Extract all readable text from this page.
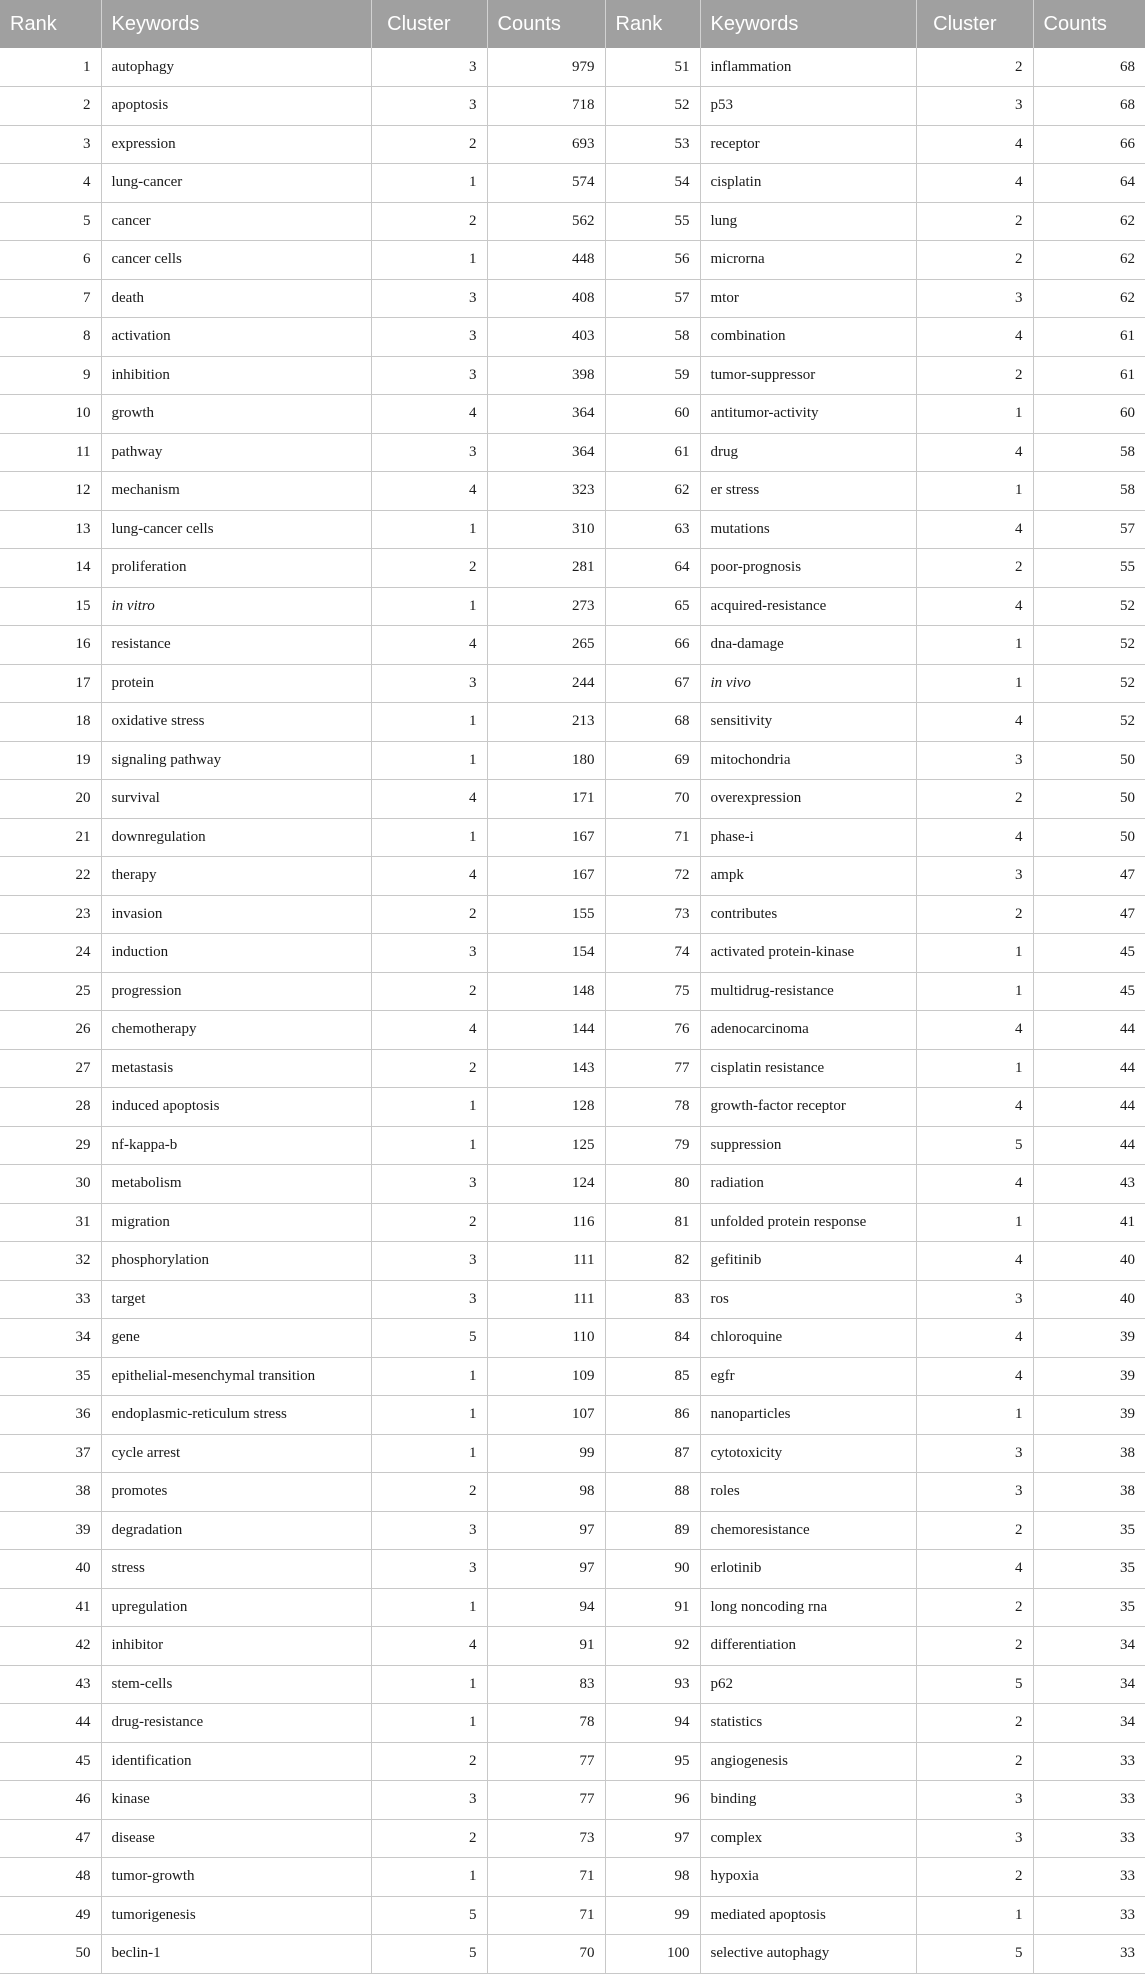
Rank	Keywords	Cluster	Counts	Rank	Keywords	Cluster	Counts
1	autophagy	3	979	51	inflammation	2	68
2	apoptosis	3	718	52	p53	3	68
3	expression	2	693	53	receptor	4	66
4	lung-cancer	1	574	54	cisplatin	4	64
5	cancer	2	562	55	lung	2	62
6	cancer cells	1	448	56	microrna	2	62
7	death	3	408	57	mtor	3	62
8	activation	3	403	58	combination	4	61
9	inhibition	3	398	59	tumor-suppressor	2	61
10	growth	4	364	60	antitumor-activity	1	60
11	pathway	3	364	61	drug	4	58
12	mechanism	4	323	62	er stress	1	58
13	lung-cancer cells	1	310	63	mutations	4	57
14	proliferation	2	281	64	poor-prognosis	2	55
15	in vitro	1	273	65	acquired-resistance	4	52
16	resistance	4	265	66	dna-damage	1	52
17	protein	3	244	67	in vivo	1	52
18	oxidative stress	1	213	68	sensitivity	4	52
19	signaling pathway	1	180	69	mitochondria	3	50
20	survival	4	171	70	overexpression	2	50
21	downregulation	1	167	71	phase-i	4	50
22	therapy	4	167	72	ampk	3	47
23	invasion	2	155	73	contributes	2	47
24	induction	3	154	74	activated protein-kinase	1	45
25	progression	2	148	75	multidrug-resistance	1	45
26	chemotherapy	4	144	76	adenocarcinoma	4	44
27	metastasis	2	143	77	cisplatin resistance	1	44
28	induced apoptosis	1	128	78	growth-factor receptor	4	44
29	nf-kappa-b	1	125	79	suppression	5	44
30	metabolism	3	124	80	radiation	4	43
31	migration	2	116	81	unfolded protein response	1	41
32	phosphorylation	3	111	82	gefitinib	4	40
33	target	3	111	83	ros	3	40
34	gene	5	110	84	chloroquine	4	39
35	epithelial-mesenchymal transition	1	109	85	egfr	4	39
36	endoplasmic-reticulum stress	1	107	86	nanoparticles	1	39
37	cycle arrest	1	99	87	cytotoxicity	3	38
38	promotes	2	98	88	roles	3	38
39	degradation	3	97	89	chemoresistance	2	35
40	stress	3	97	90	erlotinib	4	35
41	upregulation	1	94	91	long noncoding rna	2	35
42	inhibitor	4	91	92	differentiation	2	34
43	stem-cells	1	83	93	p62	5	34
44	drug-resistance	1	78	94	statistics	2	34
45	identification	2	77	95	angiogenesis	2	33
46	kinase	3	77	96	binding	3	33
47	disease	2	73	97	complex	3	33
48	tumor-growth	1	71	98	hypoxia	2	33
49	tumorigenesis	5	71	99	mediated apoptosis	1	33
50	beclin-1	5	70	100	selective autophagy	5	33
